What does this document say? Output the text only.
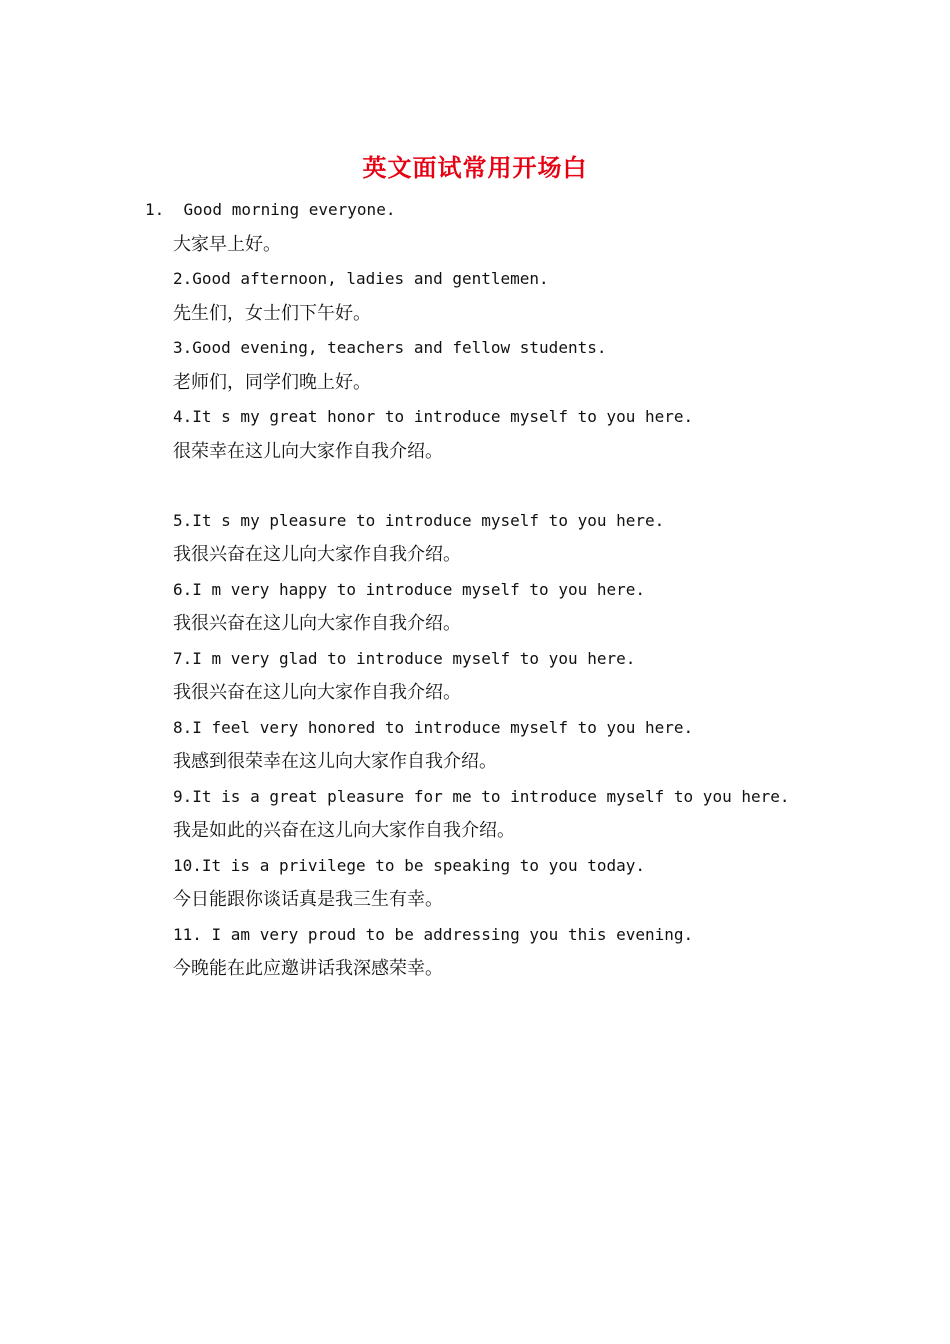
英文面试常用开场白
1.  Good morning everyone.
大家早上好。
2.Good afternoon, ladies and gentlemen.
先生们，女士们下午好。
3.Good evening, teachers and fellow students.
老师们，同学们晚上好。
4.It s my great honor to introduce myself to you here.
很荣幸在这儿向大家作自我介绍。
5.It s my pleasure to introduce myself to you here.
我很兴奋在这儿向大家作自我介绍。
6.I m very happy to introduce myself to you here.
我很兴奋在这儿向大家作自我介绍。
7.I m very glad to introduce myself to you here.
我很兴奋在这儿向大家作自我介绍。
8.I feel very honored to introduce myself to you here.
我感到很荣幸在这儿向大家作自我介绍。
9.It is a great pleasure for me to introduce myself to you here.
我是如此的兴奋在这儿向大家作自我介绍。
10.It is a privilege to be speaking to you today.
今日能跟你谈话真是我三生有幸。
11. I am very proud to be addressing you this evening.
今晚能在此应邀讲话我深感荣幸。
